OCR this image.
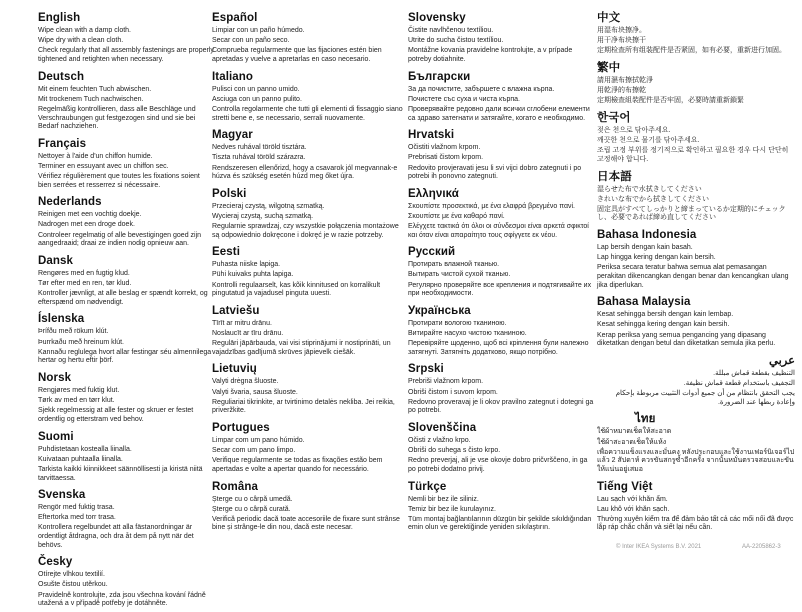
English

Wipe clean with a damp cloth.

Wipe dry with a clean cloth.

Check regularly that all assembly fastenings are properly tightened and retighten when necessary.

Deutsch

Mit einem feuchten Tuch abwischen.

Mit trockenem Tuch nachwischen.

Regelmäßig kontrollieren, dass alle Beschläge und Verschraubungen gut festgezogen sind und sie bei Bedarf nachziehen.

Français

Nettoyer à l'aide d'un chiffon humide.

Terminer en essuyant avec un chiffon sec.

Vérifiez régulièrement que toutes les fixations soient bien serrées et resserrez si nécessaire.

Nederlands

Reinigen met een vochtig doekje.

Nadrogen met een droge doek.

Controleer regelmatig of alle bevestigingen goed zijn aangedraaid; draai ze indien nodig opnieuw aan.

Dansk

Rengøres med en fugtig klud.

Tør efter med en ren, tør klud.

Kontroller jævnligt, at alle beslag er spændt korrekt, og efterspænd om nødvendigt.

Íslenska

Þrífðu með rökum klút.

Þurrkaðu með hreinum klút.

Kannaðu reglulega hvort allar festingar séu almennilega hertar og hertu eftir þörf.

Norsk

Rengjøres med fuktig klut.

Tørk av med en tørr klut.

Sjekk regelmessig at alle fester og skruer er festet ordentlig og etterstram ved behov.

Suomi

Puhdistetaan kostealla liinalla.

Kuivataan puhtaalla liinalla.

Tarkista kaikki kiinnikkeet säännöllisesti ja kiristä niitä tarvittaessa.

Svenska

Rengör med fuktig trasa.

Eftertorka med torr trasa.

Kontrollera regelbundet att alla fästanordningar är ordentligt åtdragna, och dra åt dem på nytt när det behövs.

Česky

Otírejte vlhkou textilií.

Osušte čistou utěrkou.

Pravidelně kontrolujte, zda jsou všechna kování řádně utažená a v případě potřeby je dotáhněte.

Español

Limpiar con un paño húmedo.

Secar con un paño seco.

Comprueba regularmente que las fijaciones estén bien apretadas y vuelve a apretarlas en caso necesario.

Italiano

Pulisci con un panno umido.

Asciuga con un panno pulito.

Controlla regolarmente che tutti gli elementi di fissaggio siano stretti bene e, se necessario, serrali nuovamente.

Magyar

Nedves ruhával töröld tisztára.

Tiszta ruhával töröld szárazra.

Rendszeresen ellenőrizd, hogy a csavarok jól megvannak-e húzva és szükség esetén húzd meg őket újra.

Polski

Przecieraj czystą, wilgotną szmatką.

Wycieraj czystą, suchą szmatką.

Regularnie sprawdzaj, czy wszystkie połączenia montażowe są odpowiednio dokręcone i dokręć je w razie potrzeby.

Eesti

Puhasta niiske lapiga.

Pühi kuivaks puhta lapiga.

Kontrolli regulaarselt, kas kõik kinnitused on korralikult pingutatud ja vajadusel pinguta uuesti.

Latviešu

Tīrīt ar mitru drānu.

Noslaucīt ar tīru drānu.

Regulāri jāpārbauda, vai visi stiprinājumi ir nostiprināti, un vajadzības gadījumā skrūves jāpievelk ciešāk.

Lietuvių

Valyti drėgna šluoste.

Valyti švaria, sausa šluoste.

Reguliariai tikrinkite, ar tvirtinimo detalės nekliba. Jei reikia, priveržkite.

Portugues

Limpar com um pano húmido.

Secar com um pano limpo.

Verifique regularmente se todas as fixações estão bem apertadas e volte a apertar quando for necessário.

Româna

Șterge cu o cârpă umedă.

Șterge cu o cârpă curată.

Verifică periodic dacă toate accesoriile de fixare sunt strânse bine și strânge-le din nou, dacă este necesar.

Slovensky

Čistite navlhčenou textíliou.

Utrite do sucha čistou textíliou.

Montážne kovania pravidelne kontrolujte, a v prípade potreby dotiahnite.

Български

За да почистите, забършете с влажна кърпа.

Почистете със суха и чиста кърпа.

Проверявайте редовно дали всички сглобени елементи са здраво затегнати и затягайте, когато е необходимо.

Hrvatski

Očistiti vlažnom krpom.

Prebrisati čistom krpom.

Redovito provjeravati jesu li svi vijci dobro zategnuti i po potrebi ih ponovno zategnuti.

Ελληνικά

Σκουπίστε προσεκτικά, με ένα ελαφρά βρεγμένο πανί.

Σκουπίστε με ένα καθαρό πανί.

Ελέγχετε τακτικά ότι όλοι οι σύνδεσμοι είναι αρκετά σφικτοί και όταν είναι απαραίτητο τους σφίγγετε εκ νέου.

Русский

Протирать влажной тканью.

Вытирать чистой сухой тканью.

Регулярно проверяйте все крепления и подтягивайте их при необходимости.

Українська

Протирати вологою тканиною.

Витирайте насухо чистою тканиною.

Перевіряйте щоденно, щоб всі кріплення були належно затягнуті. Затягніть додатково, якщо потрібно.

Srpski

Prebriši vlažnom krpom.

Obriši čistom i suvom krpom.

Redovno proveravaj je li okov pravilno zategnut i dotegni ga po potrebi.

Slovenščina

Očisti z vlažno krpo.

Obriši do suhega s čisto krpo.

Redno preverjaj, ali je vse okovje dobro pričvrščeno, in ga po potrebi dodatno privij.

Türkçe

Nemli bir bez ile siliniz.

Temiz bir bez ile kurulayınız.

Tüm montaj bağlantılarının düzgün bir şekilde sıkıldığından emin olun ve gerektiğinde yeniden sıkılaştırın.

中文

用湿布块擦净。

用干净布块擦干

定期检查所有组装配件是否紧固，如有必要，重新进行加固。

繁中

請用濕布擦拭乾淨

用乾淨的布擦乾

定期檢查組裝配件是否牢固，必要時請重新鎖緊

한국어

젖은 천으로 닦아주세요.

깨끗한 천으로 물기를 닦아주세요.

조립 고정 부위를 정기적으로 확인하고 필요한 경우 다시 단단히 고정해야 합니다.

日本語

湿らせた布で水拭きしてください

きれいな布でから拭きしてください

固定具がすべてしっかりと締まっているか定期的にチェックし、必要であれば締め直してください

Bahasa Indonesia

Lap bersih dengan kain basah.

Lap hingga kering dengan kain bersih.

Periksa secara teratur bahwa semua alat pemasangan perakitan dikencangkan dengan benar dan kencangkan ulang jika diperlukan.

Bahasa Malaysia

Kesat sehingga bersih dengan kain lembap.

Kesat sehingga kering dengan kain bersih.

Kerap periksa yang semua pengancing yang dipasang diketatkan dengan betul dan diketatkan semula jika perlu.

عربي

التنظيف بقطعة قماش مبللة.

التجفيف باستخدام قطعة قماش نظيفة.

يجب التحقق بانتظام من أن جميع أدوات التثبيت مربوطة بإحكام وإعادة ربطها عند الضرورة.

ไทย

ใช้ผ้าหมาดเช็ดให้สะอาด

ใช้ผ้าสะอาดเช็ดให้แห้ง

เพื่อความแข็งแรงและมั่นคง หลังประกอบและใช้งานเฟอร์นิเจอร์ไปแล้ว 2 สัปดาห์ ควรขันสกรูซ้ำอีกครั้ง จากนั้นหมั่นตรวจสอบและขันให้แน่นอยู่เสมอ

Tiếng Việt

Lau sạch với khăn ẩm.

Lau khô với khăn sạch.

Thường xuyên kiểm tra để đảm bảo tất cả các mối nối đã được lắp ráp chắc chắn và siết lại nếu cần.

© Inter IKEA Systems B.V. 2021	AA-2205862-3
